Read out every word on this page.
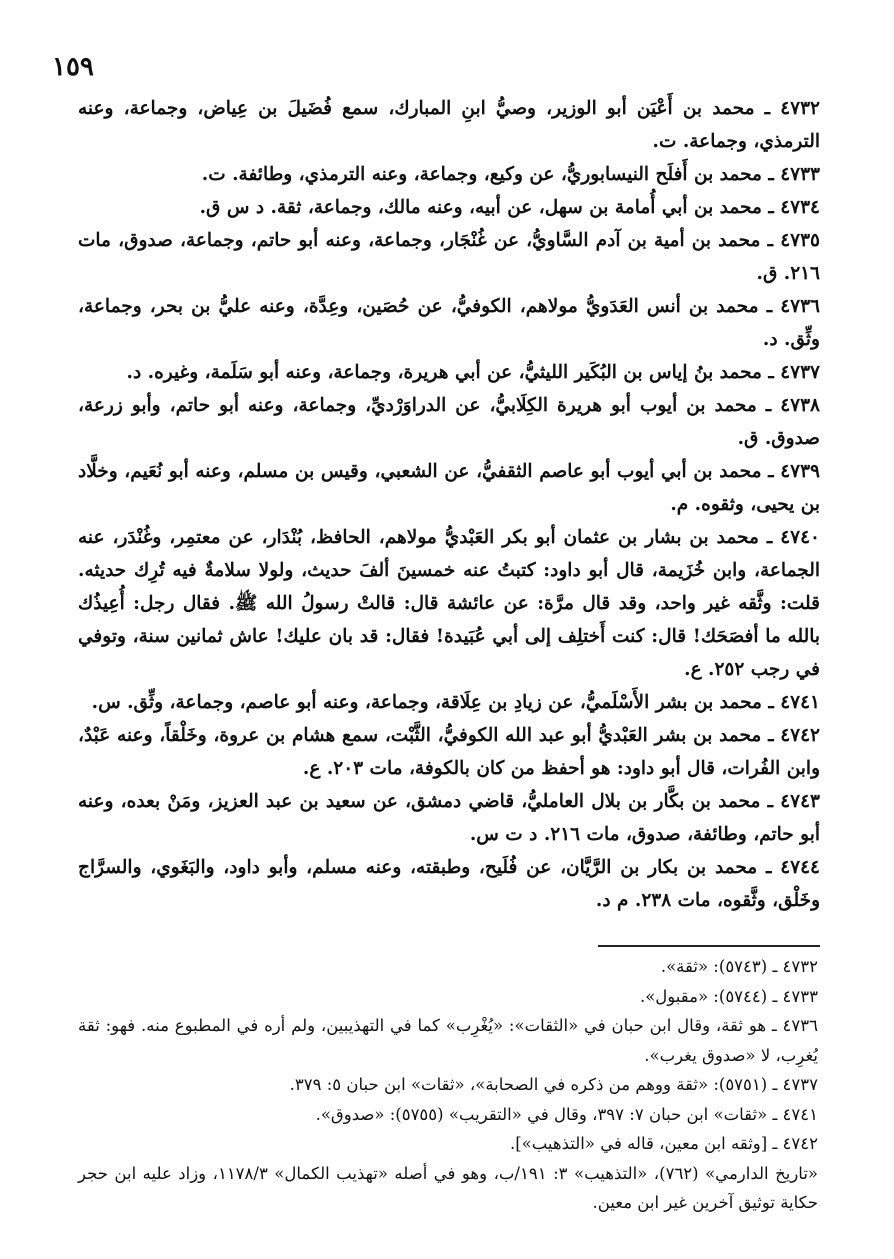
١٥٩

٤٧٣٢ ـ محمد بن أَعْيَن أبو الوزير، وصيُّ ابنِ المبارك، سمع فُضَيلَ بن عِياض، وجماعة، وعنه الترمذي، وجماعة. ت.

٤٧٣٣ ـ محمد بن أَفلَح النيسابوريُّ، عن وكيع، وجماعة، وعنه الترمذي، وطائفة. ت.

٤٧٣٤ ـ محمد بن أبي أُمامة بن سهل، عن أبيه، وعنه مالك، وجماعة، ثقة. د س ق.

٤٧٣٥ ـ محمد بن أمية بن آدم السَّاويُّ، عن غُنْجَار، وجماعة، وعنه أبو حاتم، وجماعة، صدوق، مات ٢١٦. ق.

٤٧٣٦ ـ محمد بن أنس العَدَويُّ مولاهم، الكوفيُّ، عن حُصَين، وعِدَّة، وعنه عليُّ بن بحر، وجماعة، وثِّق. د.

٤٧٣٧ ـ محمد بنُ إياس بن البُكَير الليثيُّ، عن أبي هريرة، وجماعة، وعنه أبو سَلَمة، وغيره. د.

٤٧٣٨ ـ محمد بن أيوب أبو هريرة الكِلَابيُّ، عن الدراوَرْديِّ، وجماعة، وعنه أبو حاتم، وأبو زرعة، صدوق. ق.

٤٧٣٩ ـ محمد بن أبي أيوب أبو عاصم الثقفيُّ، عن الشعبي، وقيس بن مسلم، وعنه أبو نُعَيم، وخلَّاد بن يحيى، وثقوه. م.

٤٧٤٠ ـ محمد بن بشار بن عثمان أبو بكر العَبْديُّ مولاهم، الحافظ، بُنْدَار، عن معتمِر، وغُنْدَر، عنه الجماعة، وابن خُزَيمة، قال أبو داود: كتبتُ عنه خمسينَ ألفَ حديث، ولولا سلامةٌ فيه تُرِك حديثه. قلت: وثَّقه غير واحد، وقد قال مرَّة: عن عائشة قال: قالتْ رسولُ الله ﷺ. فقال رجل: أُعِيذُك بالله ما أفصَحَك! قال: كنت أَختلِف إلى أبي عُبَيدة! فقال: قد بان عليك! عاش ثمانين سنة، وتوفي في رجب ٢٥٢. ع.

٤٧٤١ ـ محمد بن بشر الأَسْلَميُّ، عن زيادِ بن عِلَاقة، وجماعة، وعنه أبو عاصم، وجماعة، وثِّق. س.

٤٧٤٢ ـ محمد بن بشر العَبْديُّ أبو عبد الله الكوفيُّ، الثَّبْت، سمع هشام بن عروة، وخَلْقاً، وعنه عَبْدٌ، وابن الفُرات، قال أبو داود: هو أحفظ من كان بالكوفة، مات ٢٠٣. ع.

٤٧٤٣ ـ محمد بن بكَّار بن بلال العامليُّ، قاضي دمشق، عن سعيد بن عبد العزيز، ومَنْ بعده، وعنه أبو حاتم، وطائفة، صدوق، مات ٢١٦. د ت س.

٤٧٤٤ ـ محمد بن بكار بن الرَّيَّان، عن فُلَيح، وطبقته، وعنه مسلم، وأبو داود، والبَغَوي، والسرَّاج وخَلْق، وثَّقوه، مات ٢٣٨. م د.

٤٧٣٢ ـ (٥٧٤٣): «ثقة».

٤٧٣٣ ـ (٥٧٤٤): «مقبول».

٤٧٣٦ ـ هو ثقة، وقال ابن حبان في «الثقات»: «يُغْرِب» كما في التهذيبين، ولم أره في المطبوع منه. فهو: ثقة يُغرِب، لا «صدوق يغرب».

٤٧٣٧ ـ (٥٧٥١): «ثقة ووهم من ذكره في الصحابة»، «ثقات» ابن حبان ٥: ٣٧٩.

٤٧٤١ ـ «ثقات» ابن حبان ٧: ٣٩٧، وقال في «التقريب» (٥٧٥٥): «صدوق».

٤٧٤٢ ـ [وثقه ابن معين، قاله في «التذهيب»].

«تاريخ الدارمي» (٧٦٢)، «التذهيب» ٣: ١٩١/ب، وهو في أصله «تهذيب الكمال» ١١٧٨/٣، وزاد عليه ابن حجر حكاية توثيق آخرين غير ابن معين.
